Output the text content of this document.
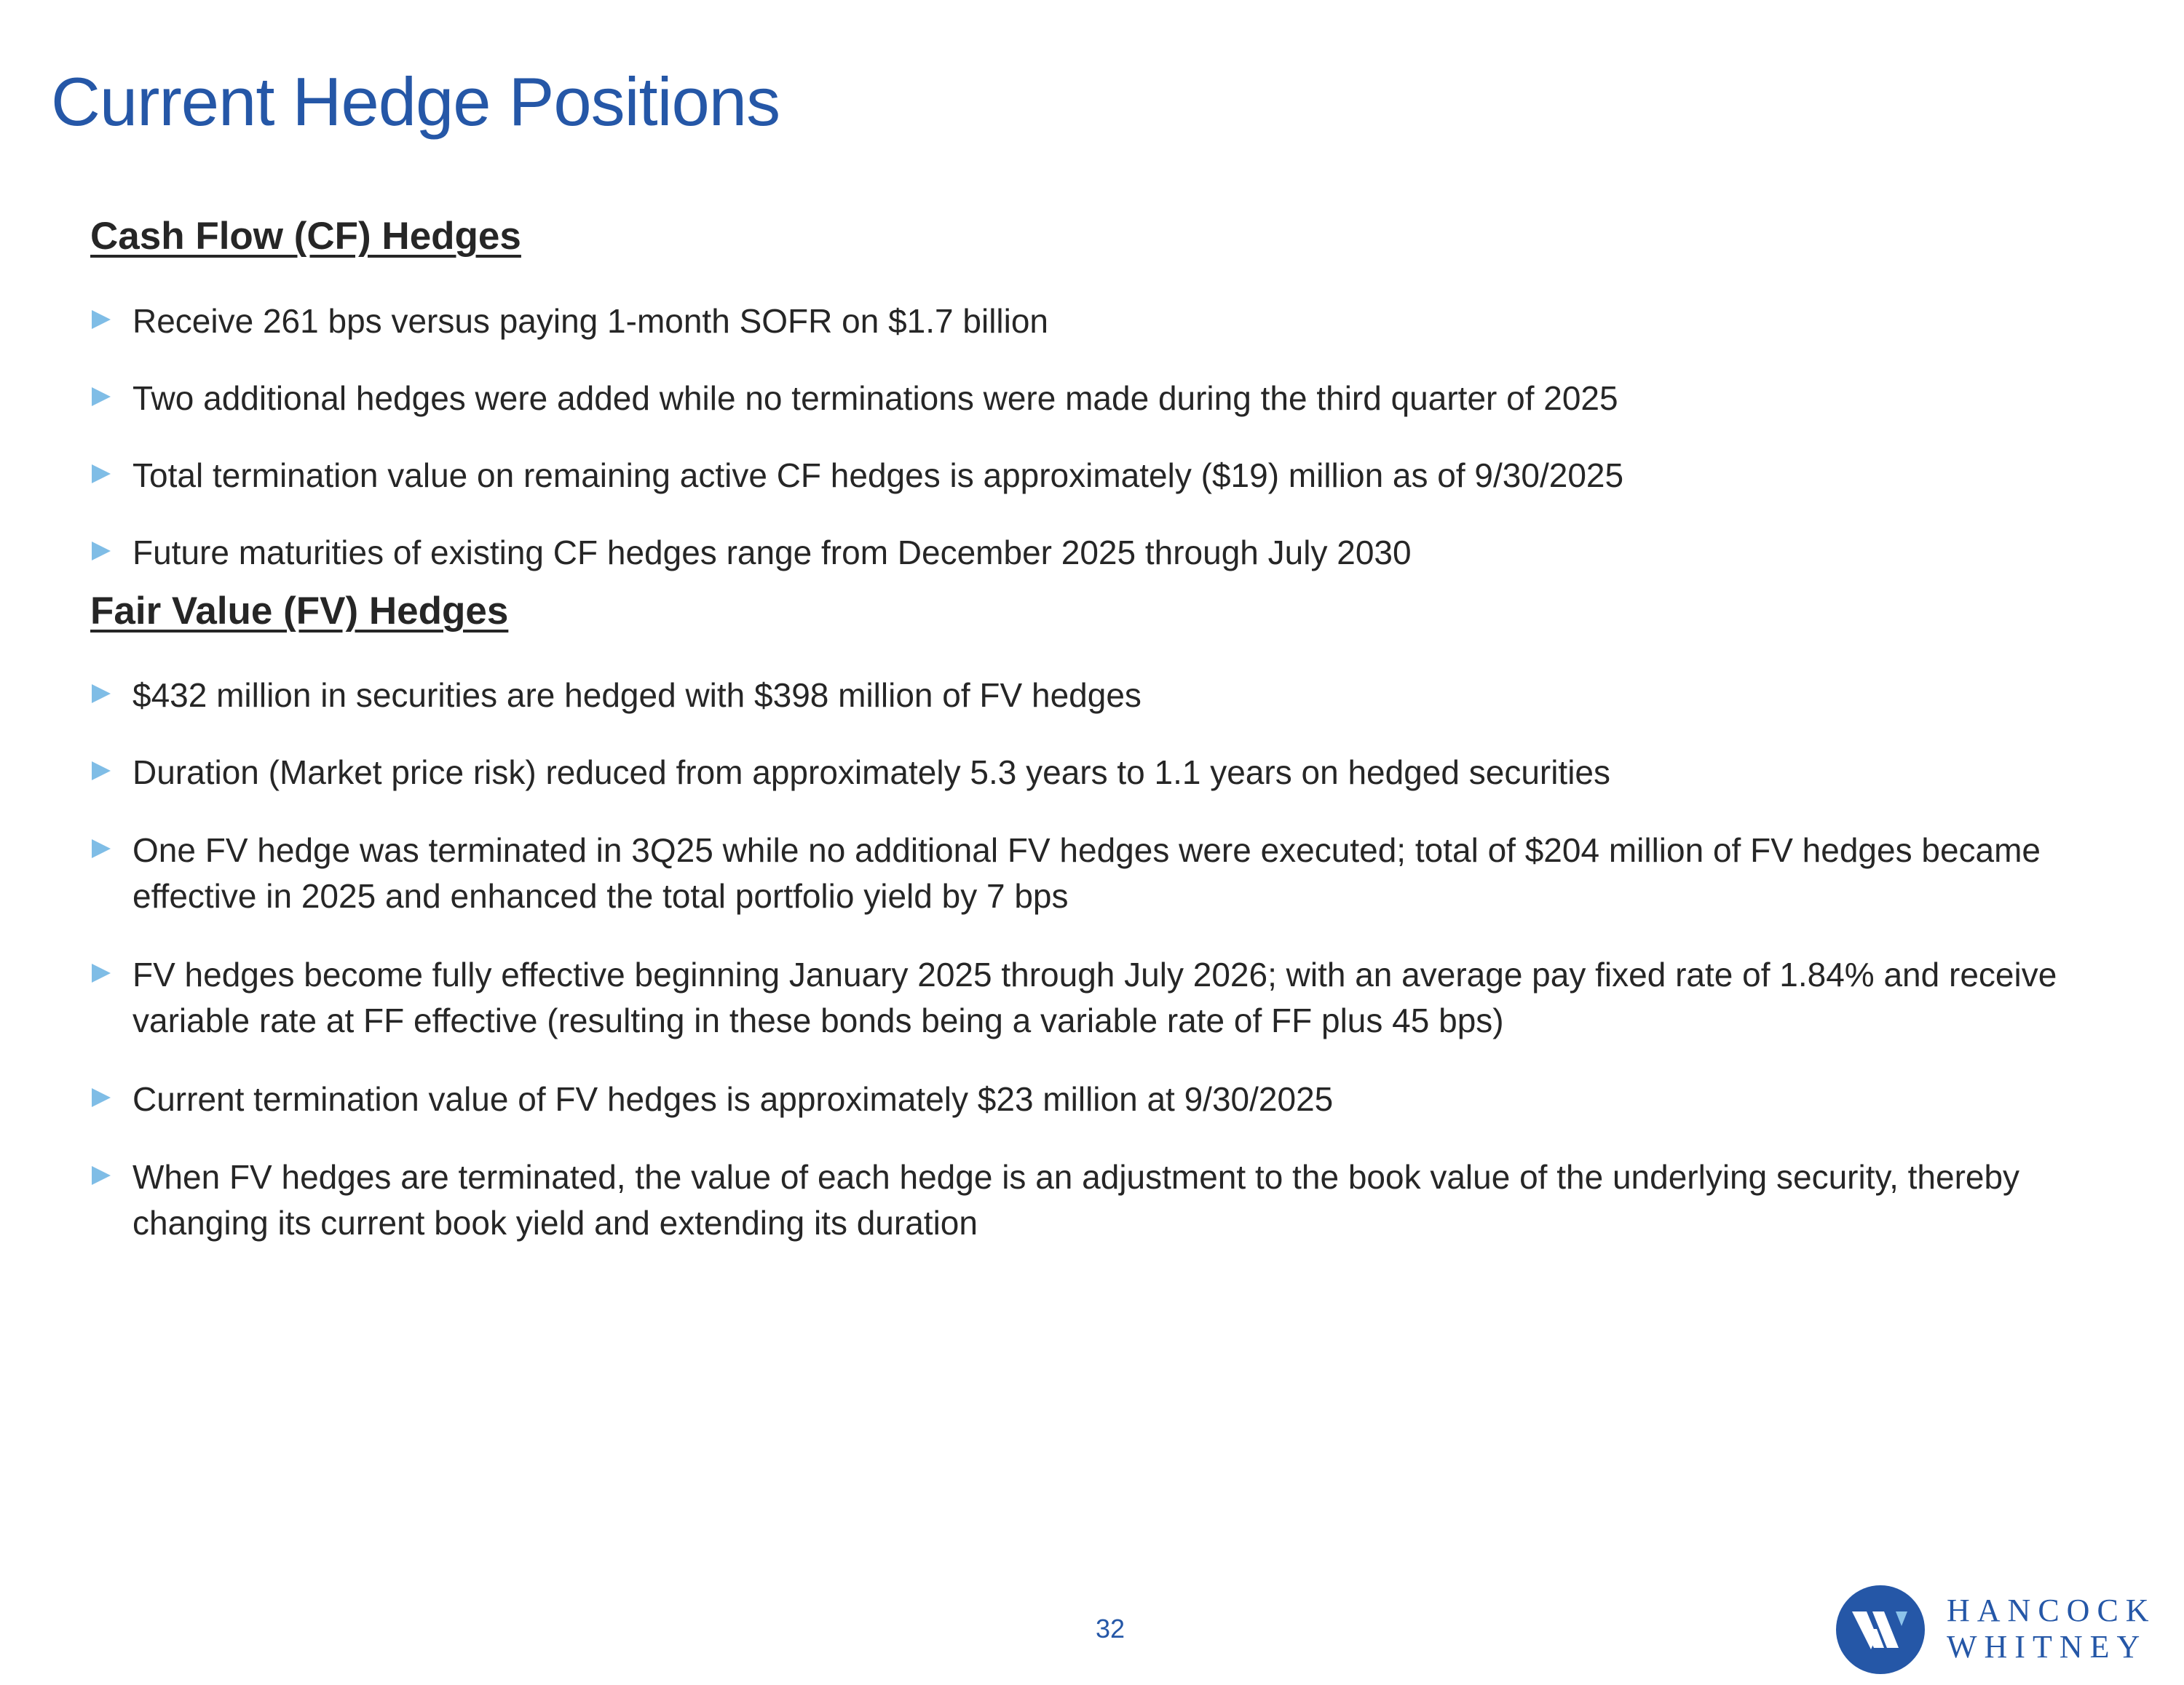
Current Hedge Positions
Cash Flow (CF) Hedges
Receive 261 bps versus paying 1-month SOFR on $1.7 billion
Two additional hedges were added while no terminations were made during the third quarter of 2025
Total termination value on remaining active CF hedges is approximately ($19) million as of 9/30/2025
Future maturities of existing CF hedges range from December 2025 through July 2030
Fair Value (FV) Hedges
$432 million in securities are hedged with $398 million of FV hedges
Duration (Market price risk) reduced from approximately 5.3 years to 1.1 years on hedged securities
One FV hedge was terminated in 3Q25 while no additional FV hedges were executed; total of $204 million of FV hedges became effective in 2025 and enhanced the total portfolio yield by 7 bps
FV hedges become fully effective beginning January 2025 through July 2026; with an average pay fixed rate of 1.84% and receive variable rate at FF effective (resulting in these bonds being a variable rate of FF plus 45 bps)
Current termination value of FV hedges is approximately $23 million at 9/30/2025
When FV hedges are terminated, the value of each hedge is an adjustment to the book value of the underlying security, thereby changing its current book yield and extending its duration
32
HANCOCK
WHITNEY
